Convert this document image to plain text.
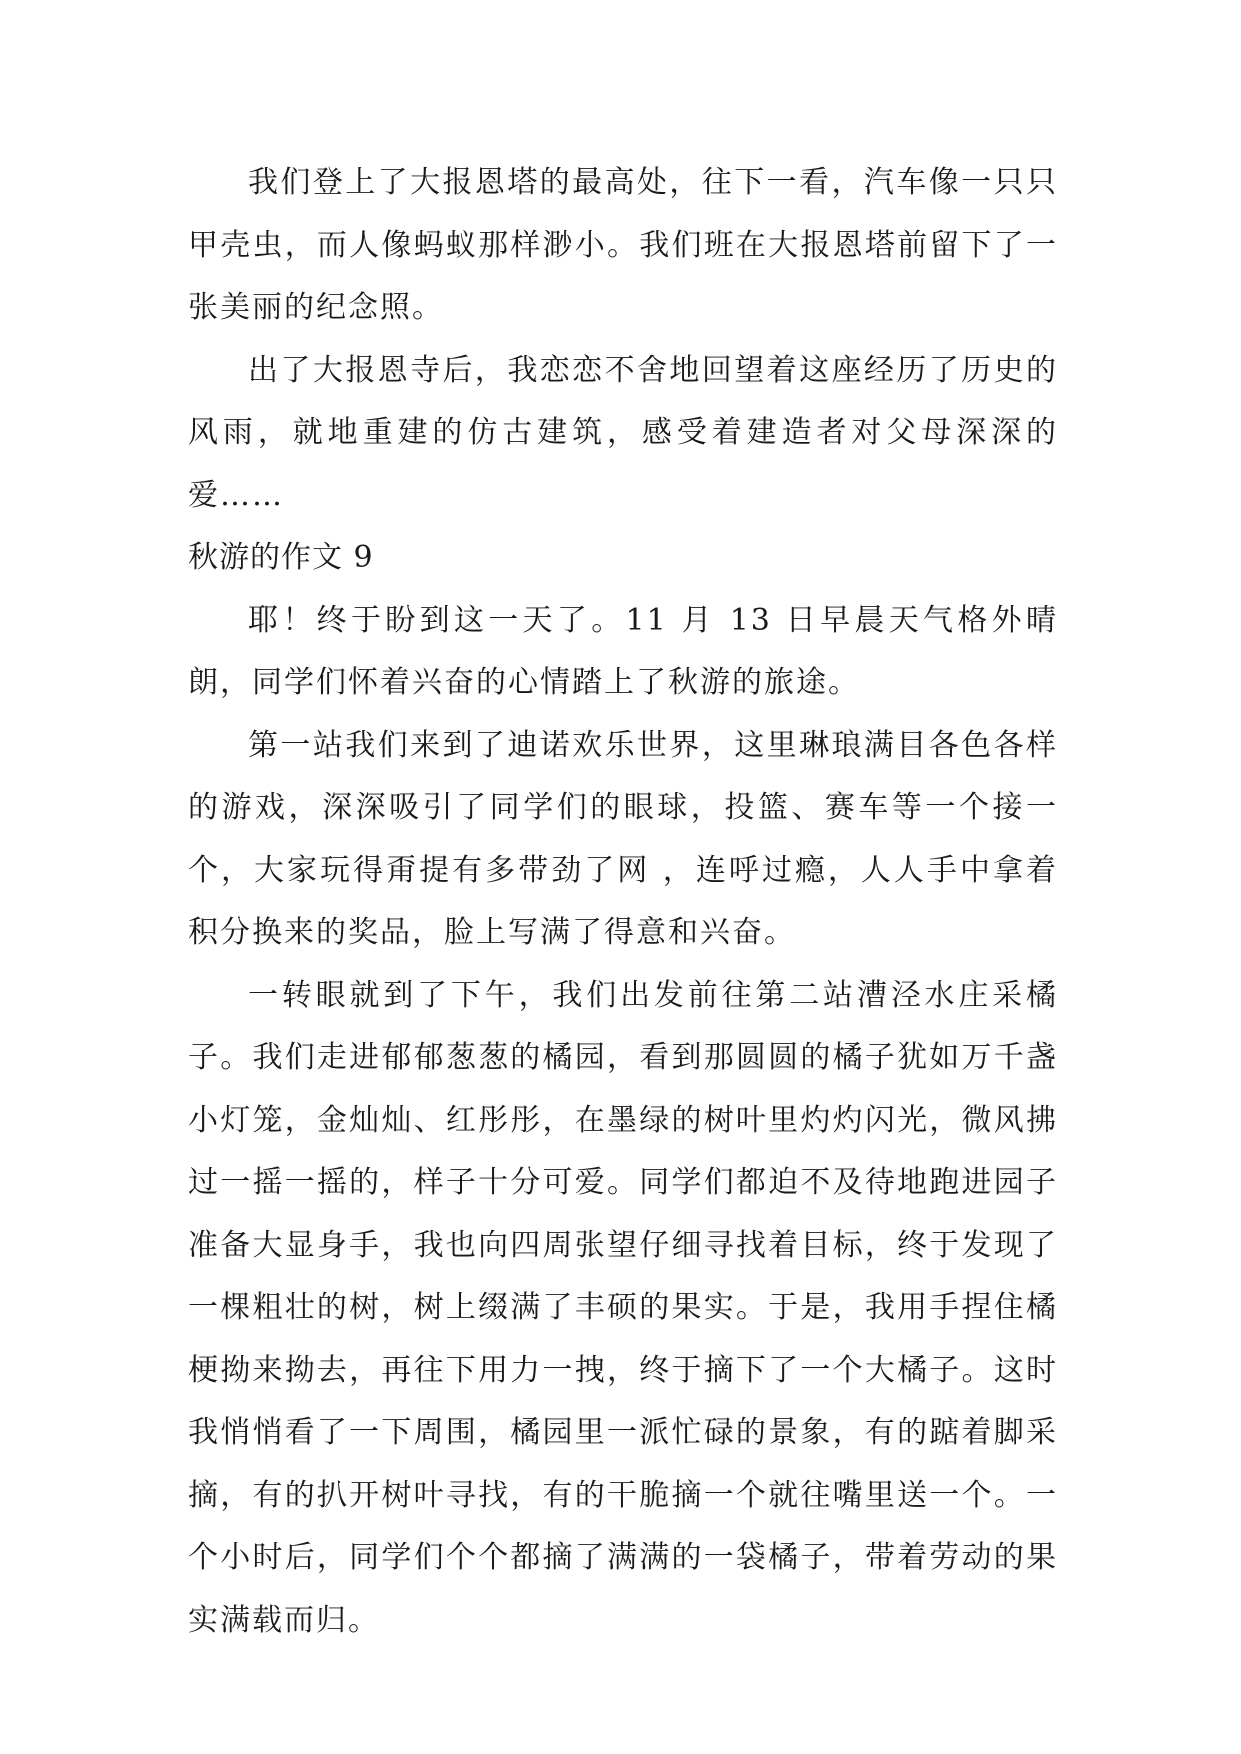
我们登上了大报恩塔的最高处，往下一看，汽车像一只只甲壳虫，而人像蚂蚁那样渺小。我们班在大报恩塔前留下了一张美丽的纪念照。

出了大报恩寺后，我恋恋不舍地回望着这座经历了历史的风雨，就地重建的仿古建筑，感受着建造者对父母深深的爱……

秋游的作文 9

耶！终于盼到这一天了。11 月 13 日早晨天气格外晴朗，同学们怀着兴奋的心情踏上了秋游的旅途。

第一站我们来到了迪诺欢乐世界，这里琳琅满目各色各样的游戏，深深吸引了同学们的眼球，投篮、赛车等一个接一个，大家玩得甭提有多带劲了网 ，连呼过瘾，人人手中拿着积分换来的奖品，脸上写满了得意和兴奋。

一转眼就到了下午，我们出发前往第二站漕泾水庄采橘子。我们走进郁郁葱葱的橘园，看到那圆圆的橘子犹如万千盏小灯笼，金灿灿、红彤彤，在墨绿的树叶里灼灼闪光，微风拂过一摇一摇的，样子十分可爱。同学们都迫不及待地跑进园子准备大显身手，我也向四周张望仔细寻找着目标，终于发现了一棵粗壮的树，树上缀满了丰硕的果实。于是，我用手捏住橘梗拗来拗去，再往下用力一拽，终于摘下了一个大橘子。这时我悄悄看了一下周围，橘园里一派忙碌的景象，有的踮着脚采摘，有的扒开树叶寻找，有的干脆摘一个就往嘴里送一个。一个小时后，同学们个个都摘了满满的一袋橘子，带着劳动的果实满载而归。
